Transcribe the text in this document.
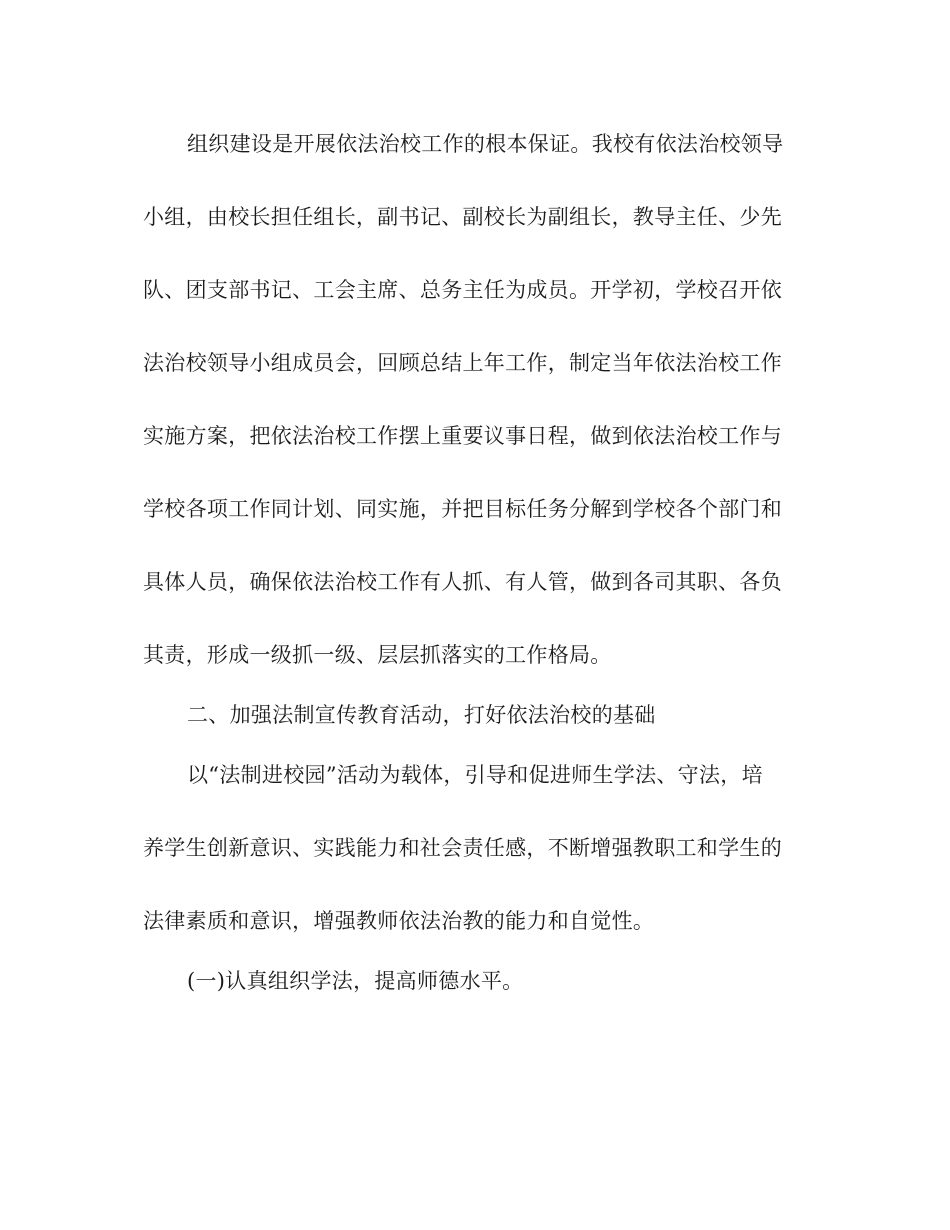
组织建设是开展依法治校工作的根本保证。我校有依法治校领导
小组，由校长担任组长，副书记、副校长为副组长，教导主任、少先
队、团支部书记、工会主席、总务主任为成员。开学初，学校召开依
法治校领导小组成员会，回顾总结上年工作，制定当年依法治校工作
实施方案，把依法治校工作摆上重要议事日程，做到依法治校工作与
学校各项工作同计划、同实施，并把目标任务分解到学校各个部门和
具体人员，确保依法治校工作有人抓、有人管，做到各司其职、各负
其责，形成一级抓一级、层层抓落实的工作格局。
二、加强法制宣传教育活动，打好依法治校的基础
以“法制进校园”活动为载体，引导和促进师生学法、守法，培
养学生创新意识、实践能力和社会责任感，不断增强教职工和学生的
法律素质和意识，增强教师依法治教的能力和自觉性。
(一)认真组织学法，提高师德水平。
